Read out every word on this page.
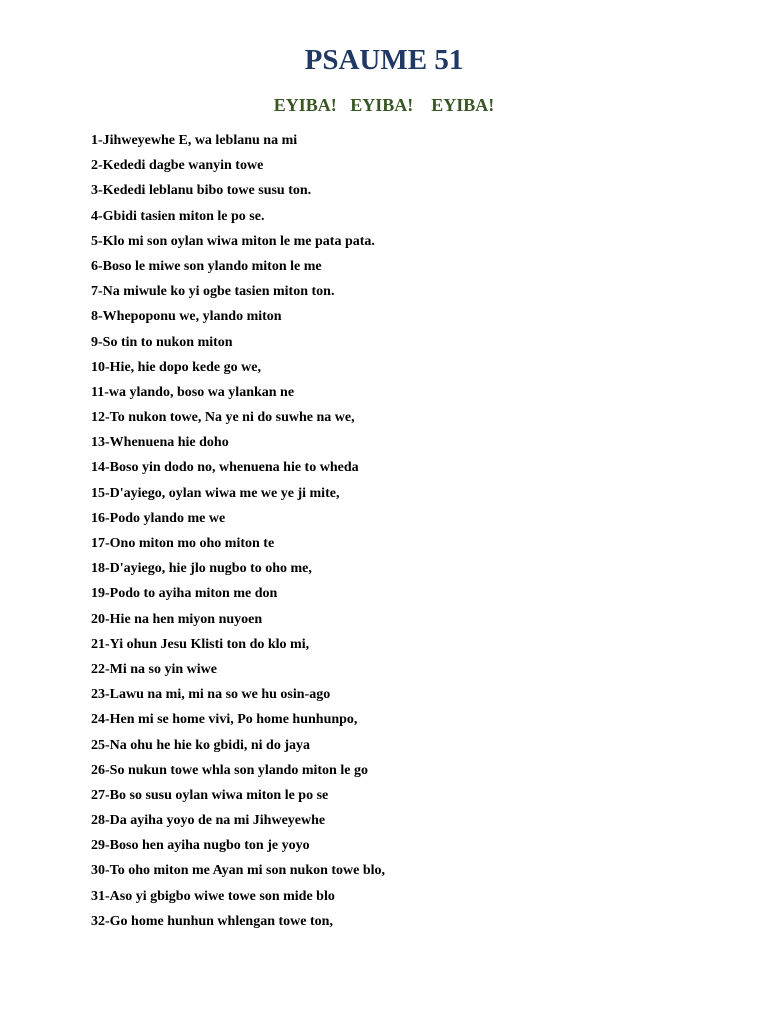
PSAUME 51
EYIBA!   EYIBA!    EYIBA!
1-Jihweyewhe E, wa leblanu na mi
2-Kededi dagbe wanyin towe
3-Kededi leblanu bibo towe susu ton.
4-Gbidi tasien miton le po se.
5-Klo mi son oylan wiwa miton le me pata pata.
6-Boso le miwe son ylando miton le me
7-Na miwule ko yi ogbe tasien miton ton.
8-Whepoponu we, ylando miton
9-So tin to nukon miton
10-Hie, hie dopo kede go we,
11-wa ylando, boso wa ylankan ne
12-To nukon towe, Na ye ni do suwhe na we,
13-Whenuena hie doho
14-Boso yin dodo no, whenuena hie to wheda
15-D'ayiego, oylan wiwa me we ye ji mite,
16-Podo ylando me we
17-Ono miton mo oho miton te
18-D'ayiego, hie jlo nugbo to oho me,
19-Podo to ayiha miton me don
20-Hie na hen miyon nuyoen
21-Yi ohun Jesu Klisti ton do klo mi,
22-Mi na so yin wiwe
23-Lawu na mi, mi na so we hu osin-ago
24-Hen mi se home vivi, Po home hunhunpo,
25-Na ohu he hie ko gbidi, ni do jaya
26-So nukun towe whla son ylando miton le go
27-Bo so susu oylan wiwa miton le po se
28-Da ayiha yoyo de na mi Jihweyewhe
29-Boso hen ayiha nugbo ton je yoyo
30-To oho miton me Ayan mi son nukon towe blo,
31-Aso yi gbigbo wiwe towe son mide blo
32-Go home hunhun whlengan towe ton,
